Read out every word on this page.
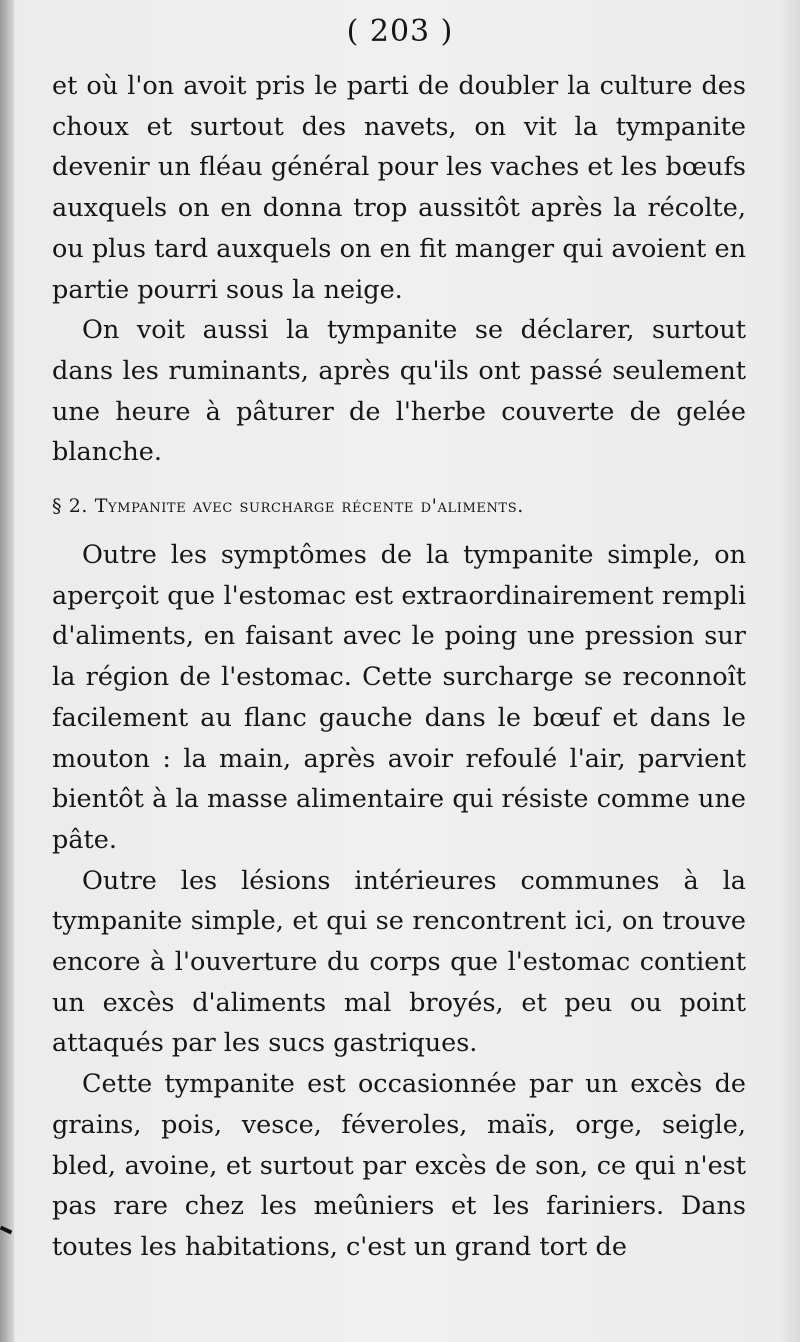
( 203 )

et où l'on avoit pris le parti de doubler la culture des choux et surtout des navets, on vit la tympanite devenir un fléau général pour les vaches et les bœufs auxquels on en donna trop aussitôt après la récolte, ou plus tard auxquels on en fit manger qui avoient en partie pourri sous la neige.

On voit aussi la tympanite se déclarer, surtout dans les ruminants, après qu'ils ont passé seulement une heure à pâturer de l'herbe couverte de gelée blanche.

§ 2. Tympanite avec surcharge récente d'aliments.

Outre les symptômes de la tympanite simple, on aperçoit que l'estomac est extraordinairement rempli d'aliments, en faisant avec le poing une pression sur la région de l'estomac. Cette surcharge se reconnoît facilement au flanc gauche dans le bœuf et dans le mouton : la main, après avoir refoulé l'air, parvient bientôt à la masse alimentaire qui résiste comme une pâte.

Outre les lésions intérieures communes à la tympanite simple, et qui se rencontrent ici, on trouve encore à l'ouverture du corps que l'estomac contient un excès d'aliments mal broyés, et peu ou point attaqués par les sucs gastriques.

Cette tympanite est occasionnée par un excès de grains, pois, vesce, féveroles, maïs, orge, seigle, bled, avoine, et surtout par excès de son, ce qui n'est pas rare chez les meûniers et les fariniers. Dans toutes les habitations, c'est un grand tort de
